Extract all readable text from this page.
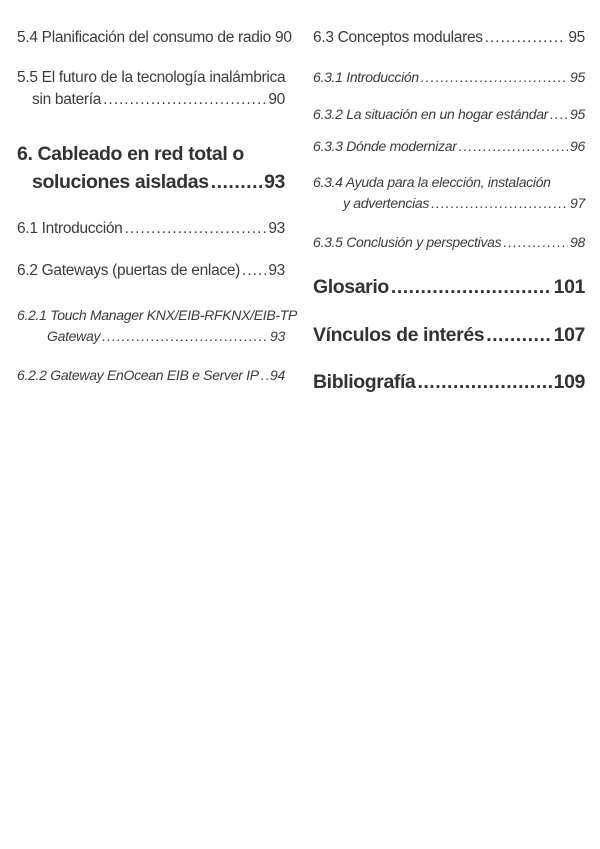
5.4 Planificación del consumo de radio 90
5.5 El futuro de la tecnología inalámbrica
sin batería .....	90
6. Cableado en red total o
soluciones aisladas .....	93
6.1 Introducción .....	93
6.2 Gateways (puertas de enlace) ..... 93
6.2.1 Touch Manager KNX/EIB-RFKNX/EIB-TP
Gateway .....	93
6.2.2 Gateway EnOcean EIB e Server IP ..... 94
6.3 Conceptos modulares .....	95
6.3.1 Introducción .....	95
6.3.2 La situación en un hogar estándar ..... 95
6.3.3 Dónde modernizar .....	96
6.3.4 Ayuda para la elección, instalación
y advertencias .....	97
6.3.5 Conclusión y perspectivas .....	98
Glosario .....	101
Vínculos de interés .....	107
Bibliografía .....	109
